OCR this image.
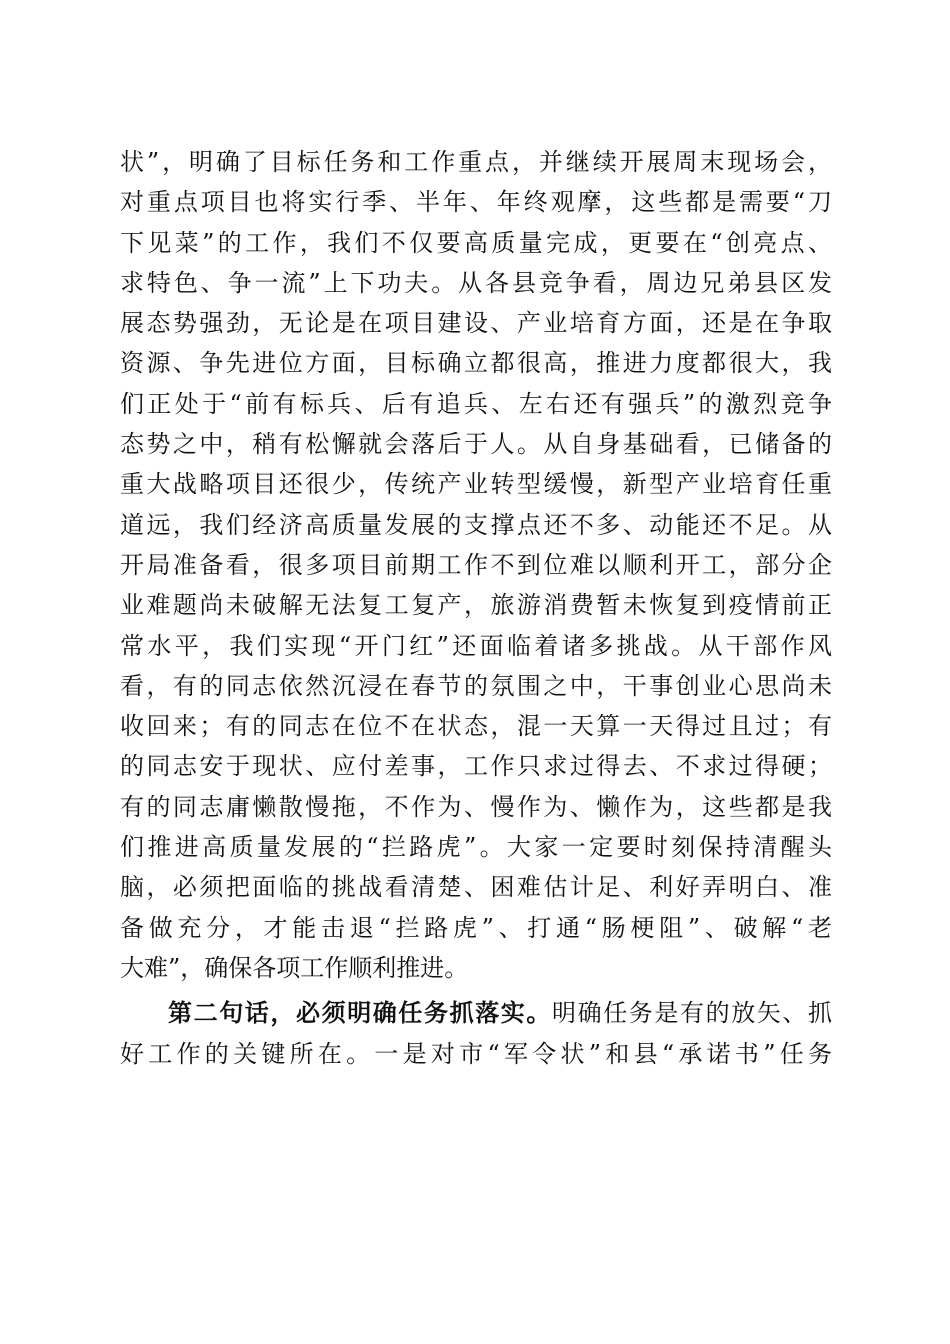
状”，明确了目标任务和工作重点，并继续开展周末现场会，
对重点项目也将实行季、半年、年终观摩，这些都是需要“刀
下见菜”的工作，我们不仅要高质量完成，更要在“创亮点、
求特色、争一流”上下功夫。从各县竞争看，周边兄弟县区发
展态势强劲，无论是在项目建设、产业培育方面，还是在争取
资源、争先进位方面，目标确立都很高，推进力度都很大，我
们正处于“前有标兵、后有追兵、左右还有强兵”的激烈竞争
态势之中，稍有松懈就会落后于人。从自身基础看，已储备的
重大战略项目还很少，传统产业转型缓慢，新型产业培育任重
道远，我们经济高质量发展的支撑点还不多、动能还不足。从
开局准备看，很多项目前期工作不到位难以顺利开工，部分企
业难题尚未破解无法复工复产，旅游消费暂未恢复到疫情前正
常水平，我们实现“开门红”还面临着诸多挑战。从干部作风
看，有的同志依然沉浸在春节的氛围之中，干事创业心思尚未
收回来；有的同志在位不在状态，混一天算一天得过且过；有
的同志安于现状、应付差事，工作只求过得去、不求过得硬；
有的同志庸懒散慢拖，不作为、慢作为、懒作为，这些都是我
们推进高质量发展的“拦路虎”。大家一定要时刻保持清醒头
脑，必须把面临的挑战看清楚、困难估计足、利好弄明白、准
备做充分，才能击退“拦路虎”、打通“肠梗阻”、破解“老
大难”，确保各项工作顺利推进。
第二句话，必须明确任务抓落实。明确任务是有的放矢、抓
好工作的关键所在。一是对市“军令状”和县“承诺书”任务
